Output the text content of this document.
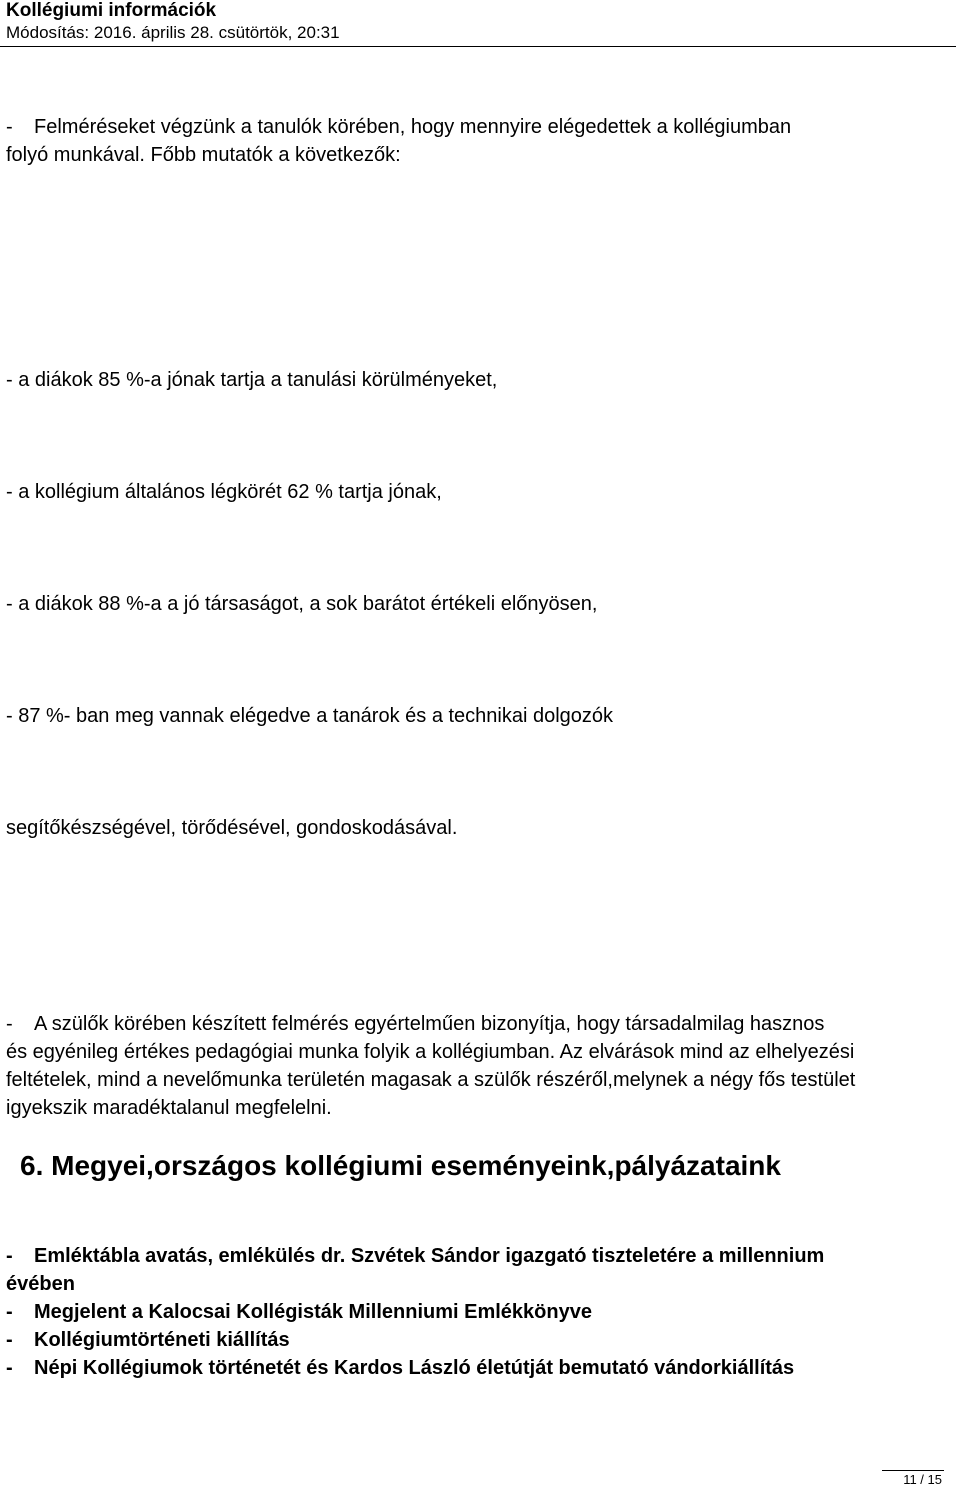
Kollégiumi információk
Módosítás: 2016. április 28. csütörtök, 20:31
- Felméréseket végzünk a tanulók körében, hogy mennyire elégedettek a kollégiumban
folyó munkával. Főbb mutatók a következők:
- a diákok 85 %-a jónak tartja a tanulási körülményeket,
- a kollégium általános légkörét 62 % tartja jónak,
- a diákok 88 %-a a jó társaságot, a sok barátot értékeli előnyösen,
- 87 %- ban meg vannak elégedve a tanárok és a technikai dolgozók
segítőkészségével, törődésével, gondoskodásával.
- A szülők körében készített felmérés egyértelműen bizonyítja, hogy társadalmilag hasznos
és egyénileg értékes pedagógiai munka folyik a kollégiumban. Az elvárások mind az elhelyezési
feltételek, mind a nevelőmunka területén magasak a szülők részéről,melynek a négy fős testület
igyekszik maradéktalanul megfelelni.
6. Megyei,országos kollégiumi eseményeink,pályázataink
- Emléktábla avatás, emlékülés dr. Szvétek Sándor igazgató tiszteletére a millennium
évében
- Megjelent a Kalocsai Kollégisták Millenniumi Emlékkönyve
- Kollégiumtörténeti kiállítás
- Népi Kollégiumok történetét és Kardos László életútját bemutató vándorkiállítás
11 / 15
